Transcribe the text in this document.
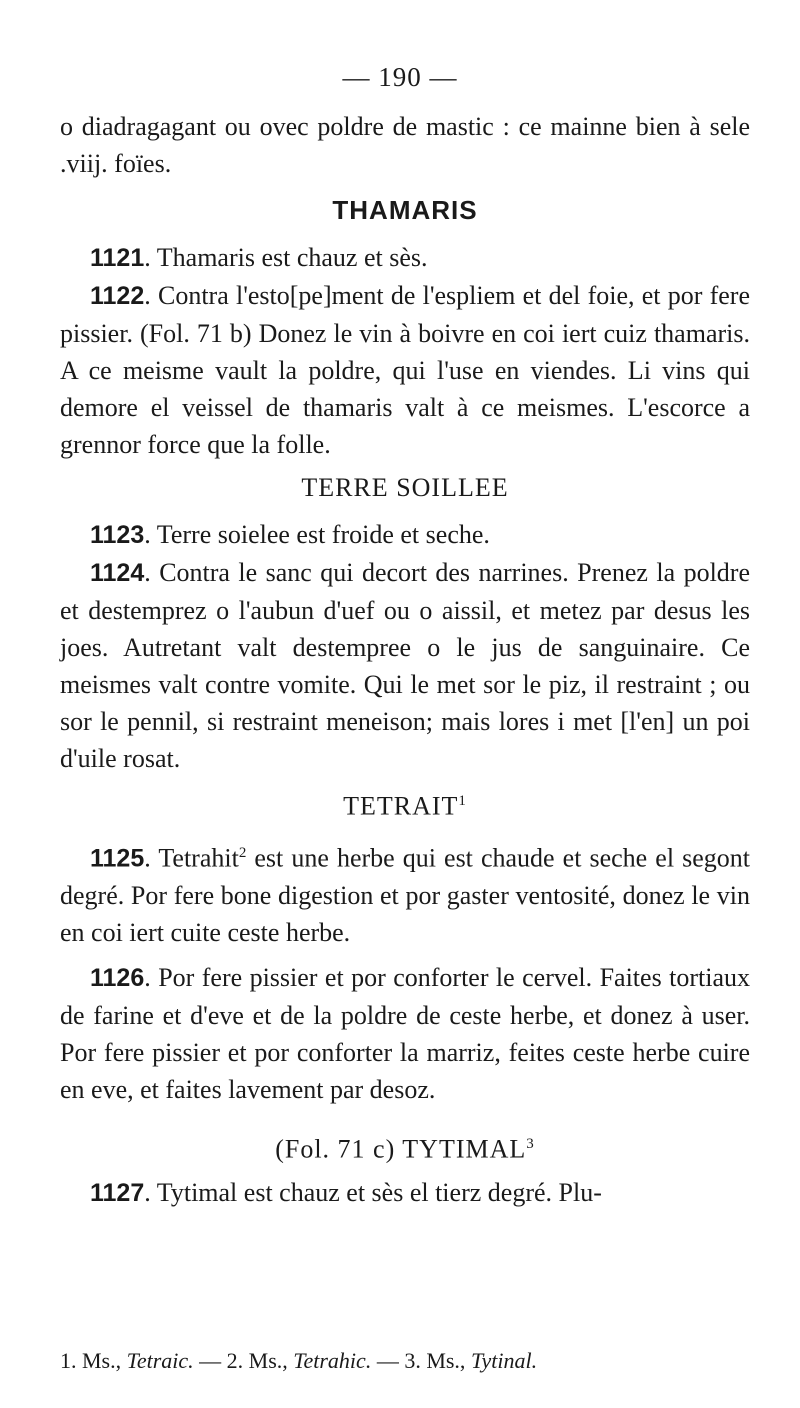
— 190 —

o diadragagant ou ovec poldre de mastic : ce mainne bien à sele .viij. foïes.

THAMARIS

1121. Thamaris est chauz et sès.

1122. Contra l'esto[pe]ment de l'espliem et del foie, et por fere pissier. (Fol. 71 b) Donez le vin à boivre en coi iert cuiz thamaris. A ce meisme vault la poldre, qui l'use en viendes. Li vins qui demore el veissel de thamaris valt à ce meismes. L'escorce a grennor force que la folle.

TERRE SOILLEE

1123. Terre soielee est froide et seche.

1124. Contra le sanc qui decort des narrines. Prenez la poldre et destemprez o l'aubun d'uef ou o aissil, et metez par desus les joes. Autretant valt destempree o le jus de sanguinaire. Ce meismes valt contre vomite. Qui le met sor le piz, il restraint ; ou sor le pennil, si restraint meneison; mais lores i met [l'en] un poi d'uile rosat.

TETRAIT$^1$

1125. Tetrahit$^2$ est une herbe qui est chaude et seche el segont degré. Por fere bone digestion et por gaster ventosité, donez le vin en coi iert cuite ceste herbe.

1126. Por fere pissier et por conforter le cervel. Faites tortiaux de farine et d'eve et de la poldre de ceste herbe, et donez à user. Por fere pissier et por conforter la marriz, feites ceste herbe cuire en eve, et faites lavement par desoz.

(Fol. 71 c) TYTIMAL$^3$

1127. Tytimal est chauz et sès el tierz degré. Plu-

1. Ms., Tetraic. — 2. Ms., Tetrahic. — 3. Ms., Tytinal.
